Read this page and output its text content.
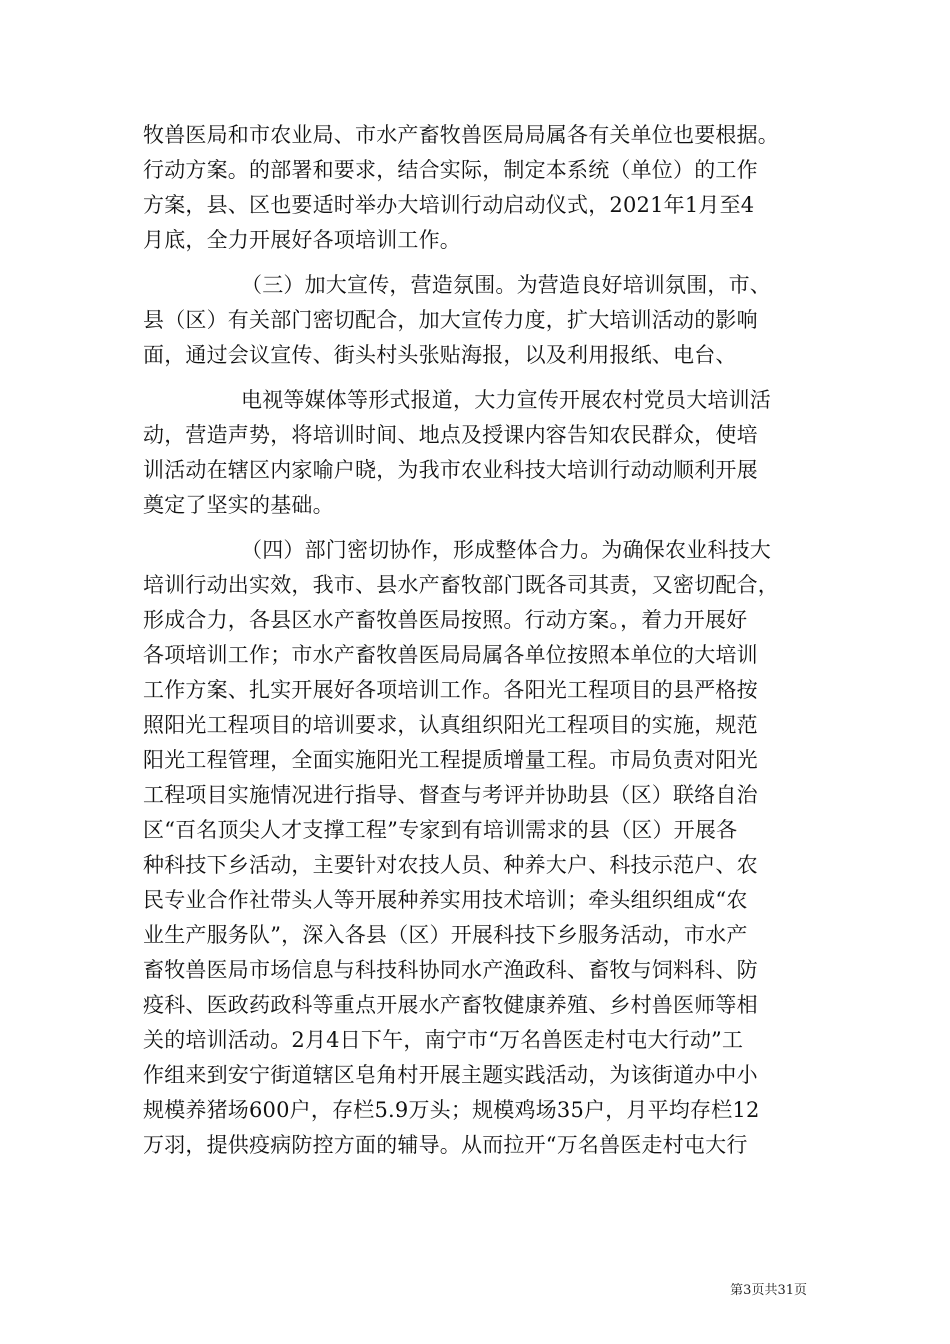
牧兽医局和市农业局、市水产畜牧兽医局局属各有关单位也要根据。
行动方案。的部署和要求，结合实际，制定本系统（单位）的工作
方案，县、区也要适时举办大培训行动启动仪式，2021年1月至4
月底，全力开展好各项培训工作。
（三）加大宣传，营造氛围。为营造良好培训氛围，市、
县（区）有关部门密切配合，加大宣传力度，扩大培训活动的影响
面，通过会议宣传、街头村头张贴海报，以及利用报纸、电台、
电视等媒体等形式报道，大力宣传开展农村党员大培训活
动，营造声势，将培训时间、地点及授课内容告知农民群众，使培
训活动在辖区内家喻户晓，为我市农业科技大培训行动动顺利开展
奠定了坚实的基础。
（四）部门密切协作，形成整体合力。为确保农业科技大
培训行动出实效，我市、县水产畜牧部门既各司其责，又密切配合，
形成合力，各县区水产畜牧兽医局按照。行动方案。，着力开展好
各项培训工作；市水产畜牧兽医局局属各单位按照本单位的大培训
工作方案、扎实开展好各项培训工作。各阳光工程项目的县严格按
照阳光工程项目的培训要求，认真组织阳光工程项目的实施，规范
阳光工程管理，全面实施阳光工程提质增量工程。市局负责对阳光
工程项目实施情况进行指导、督查与考评并协助县（区）联络自治
区“百名顶尖人才支撑工程”专家到有培训需求的县（区）开展各
种科技下乡活动，主要针对农技人员、种养大户、科技示范户、农
民专业合作社带头人等开展种养实用技术培训；牵头组织组成“农
业生产服务队”，深入各县（区）开展科技下乡服务活动，市水产
畜牧兽医局市场信息与科技科协同水产渔政科、畜牧与饲料科、防
疫科、医政药政科等重点开展水产畜牧健康养殖、乡村兽医师等相
关的培训活动。2月4日下午，南宁市“万名兽医走村屯大行动”工
作组来到安宁街道辖区皂角村开展主题实践活动，为该街道办中小
规模养猪场600户，存栏5.9万头；规模鸡场35户，月平均存栏12
万羽，提供疫病防控方面的辅导。从而拉开“万名兽医走村屯大行
第3页共31页
